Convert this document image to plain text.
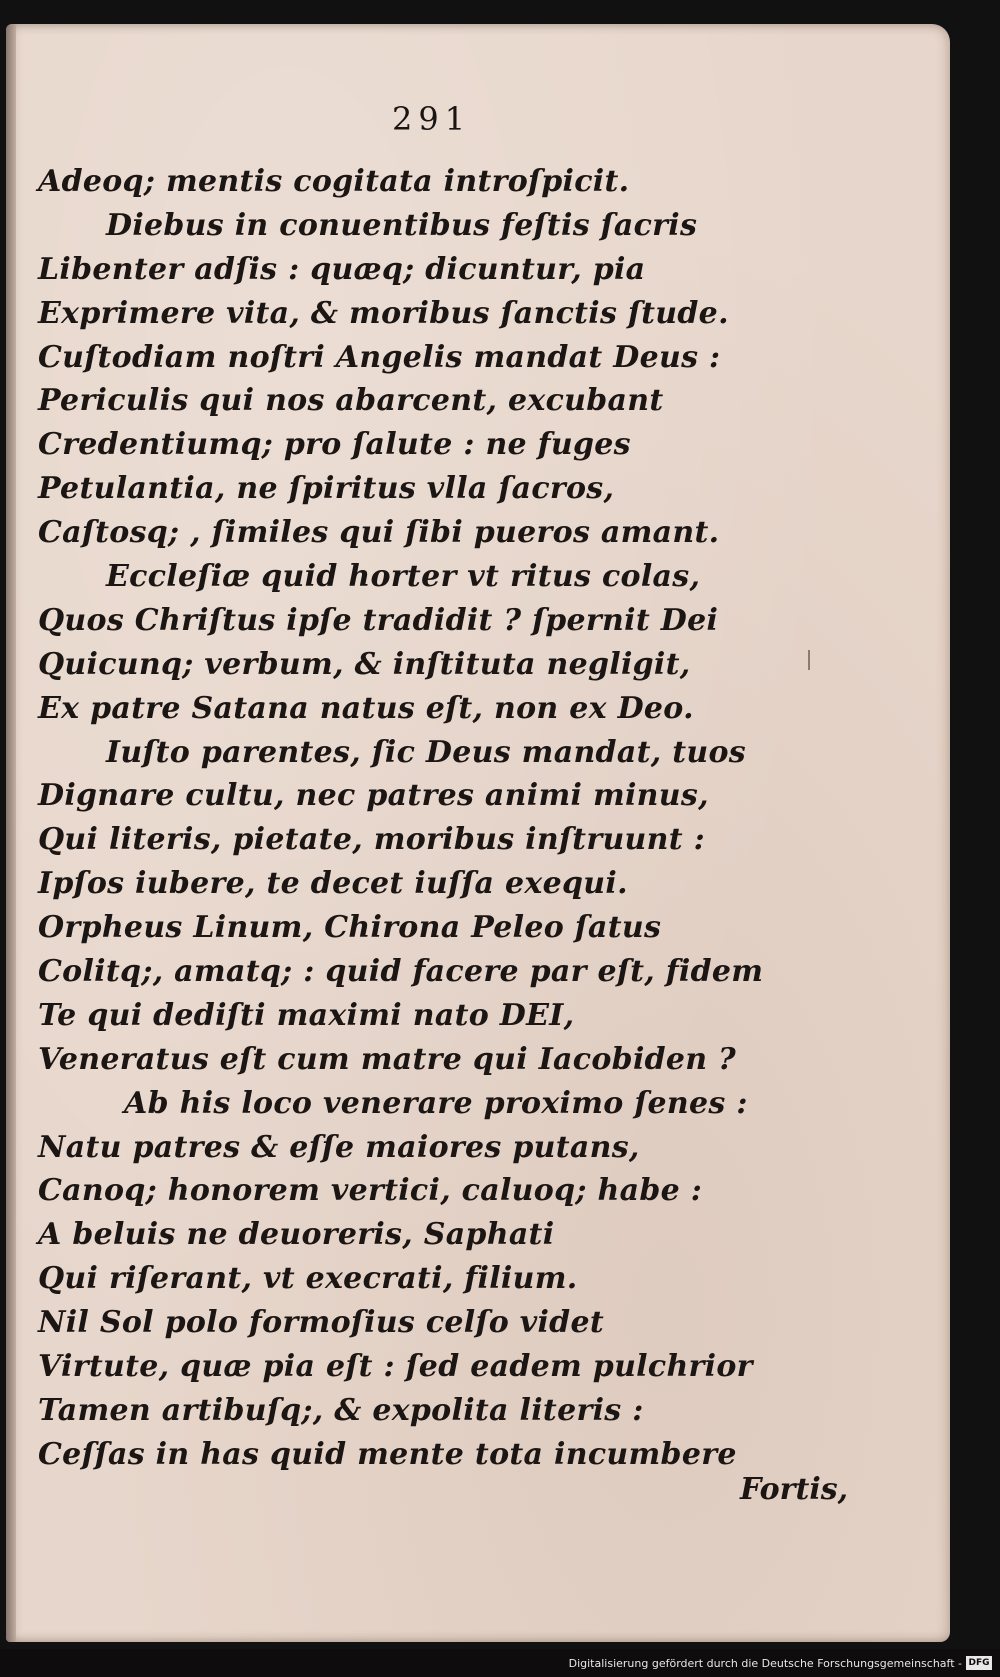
291
Adeoq; mentis cogitata introſpicit.
Diebus in conuentibus feſtis ſacris
Libenter adſis : quæq; dicuntur, pia
Exprimere vita, & moribus ſanctis ſtude.
Cuſtodiam noſtri Angelis mandat Deus :
Periculis qui nos abarcent, excubant
Credentiumq; pro ſalute : ne fuges
Petulantia, ne ſpiritus vlla ſacros,
Caſtosq; , ſimiles qui ſibi pueros amant.
Eccleſiæ quid horter vt ritus colas,
Quos Chriſtus ipſe tradidit ? ſpernit Dei
Quicunq; verbum, & inſtituta negligit,
Ex patre Satana natus eſt, non ex Deo.
Iuſto parentes, ſic Deus mandat, tuos
Dignare cultu, nec patres animi minus,
Qui literis, pietate, moribus inſtruunt :
Ipſos iubere, te decet iuſſa exequi.
Orpheus Linum, Chirona Peleo ſatus
Colitq;, amatq; : quid facere par eſt, fidem
Te qui dediſti maximi nato DEI,
Veneratus eſt cum matre qui Iacobiden ?
Ab his loco venerare proximo ſenes :
Natu patres & eſſe maiores putans,
Canoq; honorem vertici, caluoq; habe :
A beluis ne deuoreris, Saphati
Qui riſerant, vt execrati, filium.
Nil Sol polo formoſius celſo videt
Virtute, quæ pia eſt : ſed eadem pulchrior
Tamen artibuſq;, & expolita literis :
Ceſſas in has quid mente tota incumbere
Fortis,
Digitalisierung gefördert durch die Deutsche Forschungsgemeinschaft - DFG
